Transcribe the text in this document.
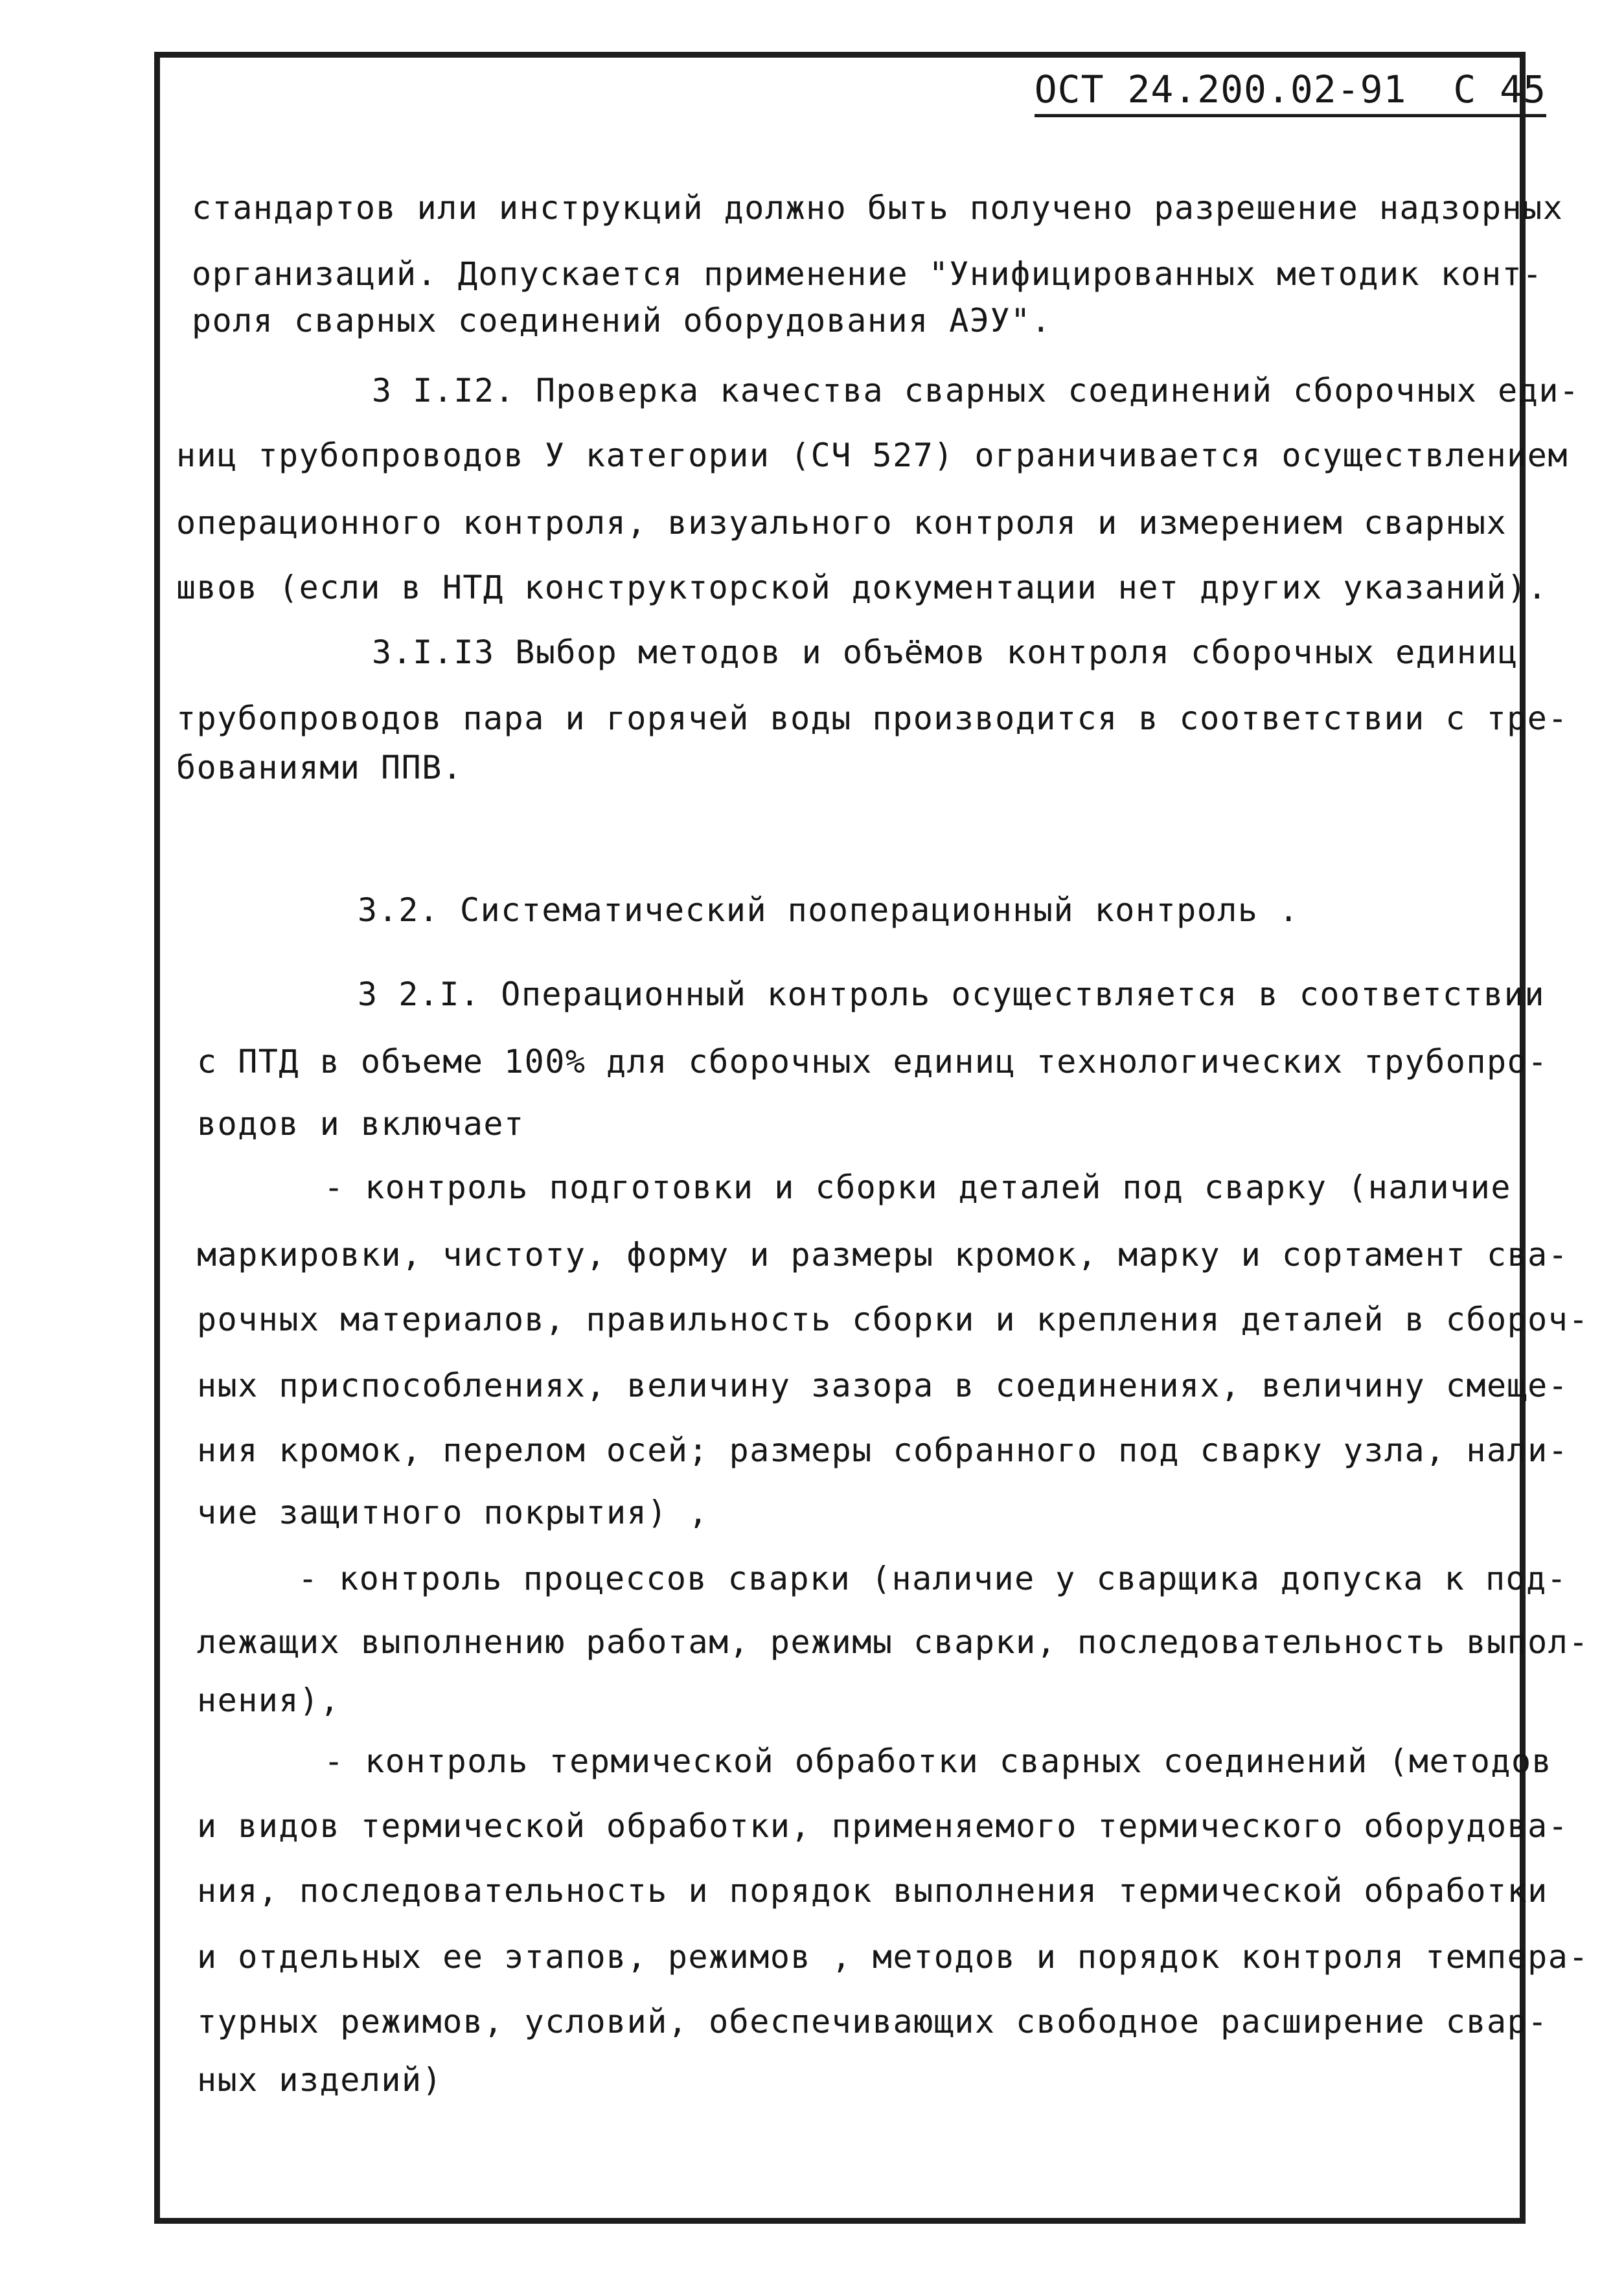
ОСТ 24.200.02-91 С 45
стандартов или инструкций должно быть получено разрешение надзорных
организаций. Допускается применение "Унифицированных методик конт-
роля сварных соединений оборудования АЭУ".
3 I.I2. Проверка качества сварных соединений сборочных еди-
ниц трубопроводов У категории (СЧ 527) ограничивается осуществлением
операционного контроля, визуального контроля и измерением сварных
швов (если в НТД конструкторской документации нет других указаний).
3.I.I3 Выбор методов и объёмов контроля сборочных единиц
трубопроводов пара и горячей воды производится в соответствии с тре-
бованиями ППВ.
3.2. Систематический пооперационный контроль .
3 2.I. Операционный контроль осуществляется в соответствии
с ПТД в объеме 100% для сборочных единиц технологических трубопро-
водов и включает
- контроль подготовки и сборки деталей под сварку (наличие
маркировки, чистоту, форму и размеры кромок, марку и сортамент сва-
рочных материалов, правильность сборки и крепления деталей в сбороч-
ных приспособлениях, величину зазора в соединениях, величину смеще-
ния кромок, перелом осей; размеры собранного под сварку узла, нали-
чие защитного покрытия) ,
- контроль процессов сварки (наличие у сварщика допуска к под-
лежащих выполнению работам, режимы сварки, последовательность выпол-
нения),
- контроль термической обработки сварных соединений (методов
и видов термической обработки, применяемого термического оборудова-
ния, последовательность и порядок выполнения термической обработки
и отдельных ее этапов, режимов , методов и порядок контроля темпера-
турных режимов, условий, обеспечивающих свободное расширение свар-
ных изделий)
